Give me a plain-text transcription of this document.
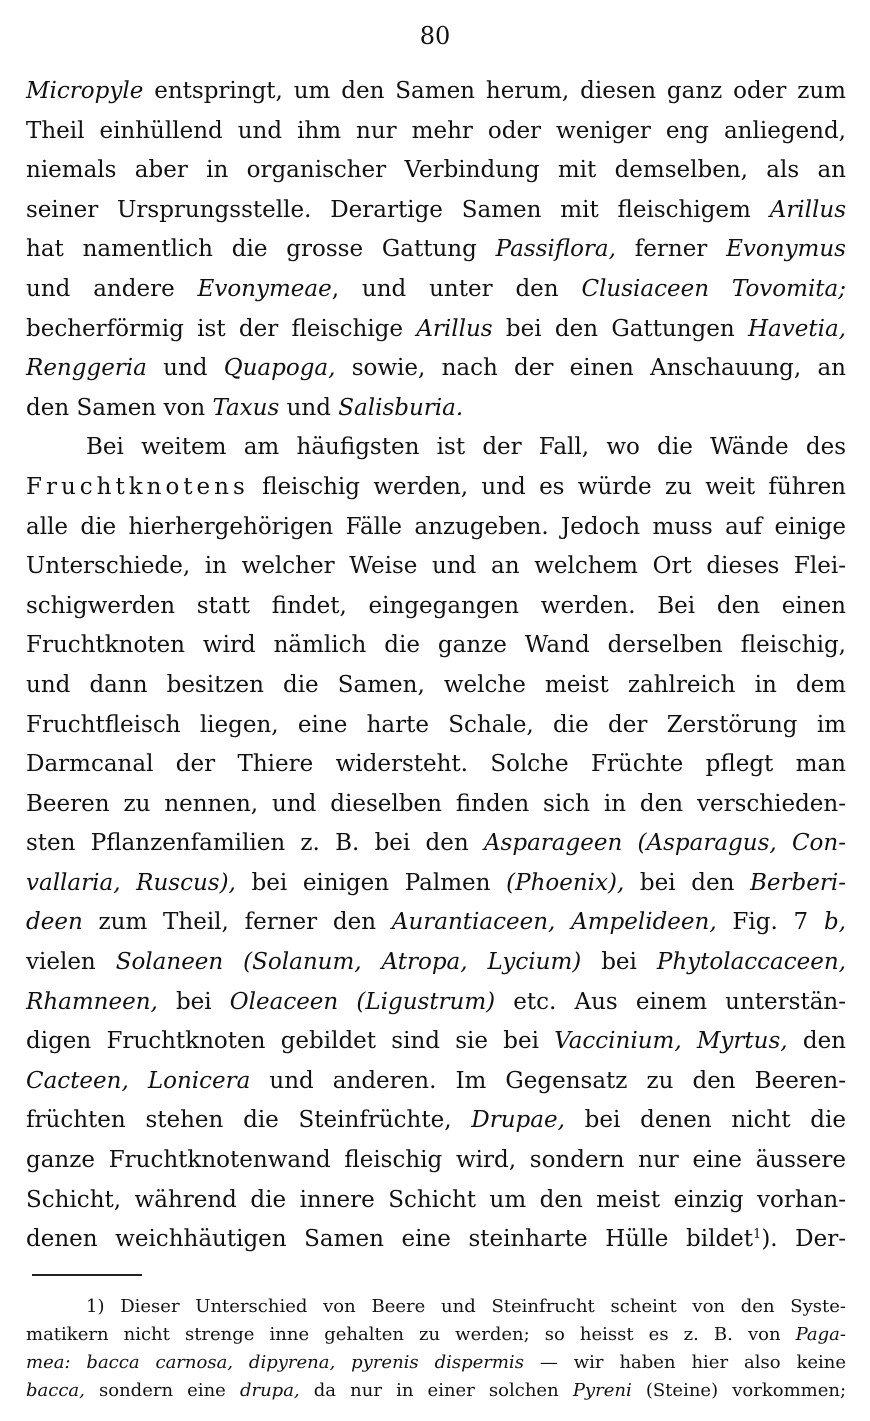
80
Micropyle entspringt, um den Samen herum, diesen ganz oder zum
Theil einhüllend und ihm nur mehr oder weniger eng anliegend,
niemals aber in organischer Verbindung mit demselben, als an
seiner Ursprungsstelle. Derartige Samen mit fleischigem Arillus
hat namentlich die grosse Gattung Passiflora, ferner Evonymus
und andere Evonymeae, und unter den Clusiaceen Tovomita;
becherförmig ist der fleischige Arillus bei den Gattungen Havetia,
Renggeria und Quapoga, sowie, nach der einen Anschauung, an
den Samen von Taxus und Salisburia.
Bei weitem am häufigsten ist der Fall, wo die Wände des
Fruchtknotens fleischig werden, und es würde zu weit führen
alle die hierhergehörigen Fälle anzugeben. Jedoch muss auf einige
Unterschiede, in welcher Weise und an welchem Ort dieses Flei-
schigwerden statt findet, eingegangen werden. Bei den einen
Fruchtknoten wird nämlich die ganze Wand derselben fleischig,
und dann besitzen die Samen, welche meist zahlreich in dem
Fruchtfleisch liegen, eine harte Schale, die der Zerstörung im
Darmcanal der Thiere widersteht. Solche Früchte pflegt man
Beeren zu nennen, und dieselben finden sich in den verschieden-
sten Pflanzenfamilien z. B. bei den Asparageen (Asparagus, Con-
vallaria, Ruscus), bei einigen Palmen (Phoenix), bei den Berberi-
deen zum Theil, ferner den Aurantiaceen, Ampelideen, Fig. 7 b,
vielen Solaneen (Solanum, Atropa, Lycium) bei Phytolaccaceen,
Rhamneen, bei Oleaceen (Ligustrum) etc. Aus einem unterstän-
digen Fruchtknoten gebildet sind sie bei Vaccinium, Myrtus, den
Cacteen, Lonicera und anderen. Im Gegensatz zu den Beeren-
früchten stehen die Steinfrüchte, Drupae, bei denen nicht die
ganze Fruchtknotenwand fleischig wird, sondern nur eine äussere
Schicht, während die innere Schicht um den meist einzig vorhan-
denen weichhäutigen Samen eine steinharte Hülle bildet$^1$). Der-
1) Dieser Unterschied von Beere und Steinfrucht scheint von den Syste-
matikern nicht strenge inne gehalten zu werden; so heisst es z. B. von Paga-
mea: bacca carnosa, dipyrena, pyrenis dispermis — wir haben hier also keine
bacca, sondern eine drupa, da nur in einer solchen Pyreni (Steine) vorkommen;
